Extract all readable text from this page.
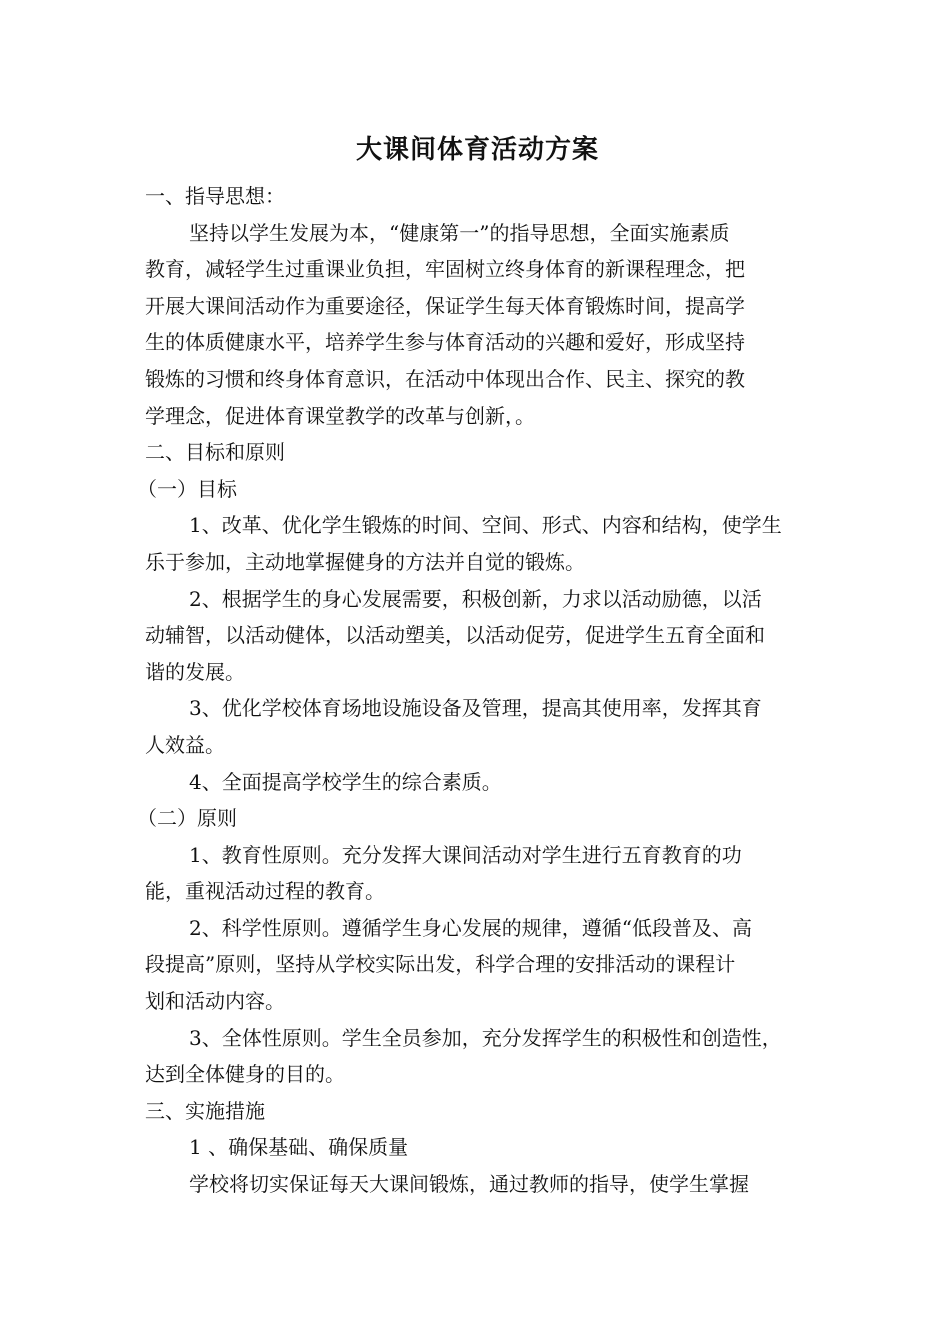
大课间体育活动方案
一、指导思想：
坚持以学生发展为本，“健康第一”的指导思想，全面实施素质
教育，减轻学生过重课业负担，牢固树立终身体育的新课程理念，把
开展大课间活动作为重要途径，保证学生每天体育锻炼时间，提高学
生的体质健康水平，培养学生参与体育活动的兴趣和爱好，形成坚持
锻炼的习惯和终身体育意识，在活动中体现出合作、民主、探究的教
学理念，促进体育课堂教学的改革与创新，。
二、目标和原则
（一）目标
1、改革、优化学生锻炼的时间、空间、形式、内容和结构，使学生
乐于参加，主动地掌握健身的方法并自觉的锻炼。
2、根据学生的身心发展需要，积极创新，力求以活动励德，以活
动辅智，以活动健体，以活动塑美，以活动促劳，促进学生五育全面和
谐的发展。
3、优化学校体育场地设施设备及管理，提高其使用率，发挥其育
人效益。
4、全面提高学校学生的综合素质。
（二）原则
1、教育性原则。充分发挥大课间活动对学生进行五育教育的功
能，重视活动过程的教育。
2、科学性原则。遵循学生身心发展的规律，遵循“低段普及、高
段提高”原则，坚持从学校实际出发，科学合理的安排活动的课程计
划和活动内容。
3、全体性原则。学生全员参加，充分发挥学生的积极性和创造性，
达到全体健身的目的。
三、实施措施
1 、确保基础、确保质量
学校将切实保证每天大课间锻炼，通过教师的指导，使学生掌握
